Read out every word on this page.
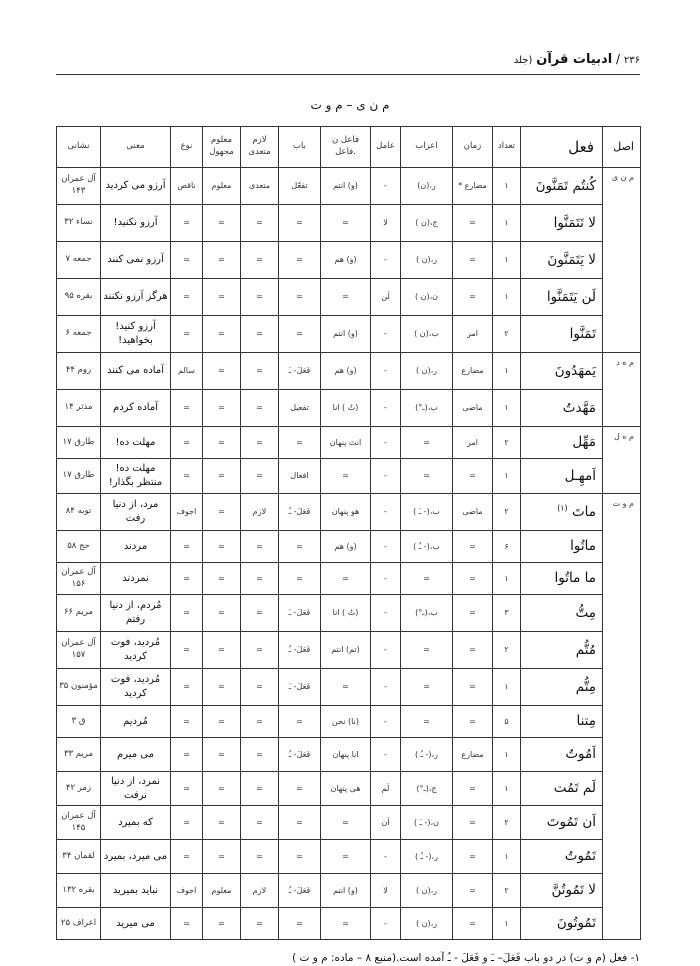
۲۳۶ / ادبیات قرآن (جلد
م ن ی – م و ت
اصل	فعل	تعداد	زمان	اعراب	عامل	فاعل ن .فاعل	باب	لازم متعدی	معلوم مجهول	نوع	معنی	نشانی
م ن ی	کُنتُم تَمَنَّونَ	۱	مضارع *	ر،(ن)	-	(و) انتم	تفعّل	متعدی	معلوم	ناقص	آرزو می کردید	آل عمران ۱۴۳
	لا تَتَمَنَّوا	۱	=	ج،(ن )	لا	=	=	=	=	=	آرزو نکنید!	نساء ۳۲
	لا یَتَمَنَّونَ	۱	=	ر،(ن )	-	(و) هم	=	=	=	=	آرزو نمی کنند	جمعه ۷
	لَن یَتَمَنَّوا	۱	=	ن،(ن )	لَن	=	=	=	=	=	هرگز آرزو نکنند	بقره ۹۵
	تَمَنَّوا	۲	امر	ب،(ن )	-	(و) انتم	=	=	=	=	آرزو کنید! بخواهید!	جمعه ۶
م ه د	یَمهَدُونَ	۱	مضارع	ر،(ن )	-	(و) هم	فَعَلَ- ـَ	=	=	سالم	آماده می کنند	روم ۴۴
	مَهَّدتُ	۱	ماضی	ب،(ـ°)	-	(تُ ) انا	تفعیل	=	=	=	آماده کردم	مدثر ۱۴
م ه ل	مَهِّل	۲	امر	=	-	انتَ پنهان	=	=	=	=	مهلت ده!	طارق ۱۷
	اَمهِـل	۱	=	=	-	=	افعال	=	=	=	مهلت ده! منتظر بگذار!	طارق ۱۷
م و ت	ماتَ $^{(۱)}$	۲	ماضی	ب،(- ـَ )	-	هو پنهان	فَعَلَ- ـُ	لازم	=	اجوف	مرد، از دنیا رفت	توبه ۸۴
	ماتُوا	۶	=	ب،(- ـُ )	-	(و) هم	=	=	=	=	مردند	حج ۵۸
	ما ماتُوا	۱	=	=	-	=	=	=	=	=	نمردند	آل عمران ۱۵۶
	مِتُّ	۳	=	ب،(ـ°)	-	(تُ ) انا	فَعَلَ- ـَ	=	=	=	مُردم، از دنیا رفتم	مریم ۶۶
	مُتُّم	۲	=	=	-	(تم) انتم	فَعَلَ- ـُ	=	=	=	مُردید، فوت کردید	آل عمران ۱۵۷
	مِتُّم	۱	=	=	-	=	فَعَلَ- ـَ	=	=	=	مُردید، فوت کردید	مؤمنون ۳۵
	مِتنا	۵	=	=	-	(نا) نحن	=	=	=	=	مُردیم	ق ۳
	اَمُوتُ	۱	مضارع	ر،(- ـُ )	-	انا پنهان	فَعَلَ- ـُ	=	=	=	می میرم	مریم ۳۳
	لَم تَمُت	۱	=	ج،(ـ°)	لَم	هی پنهان	=	=	=	=	نمرد، از دنیا نرفت	زمر ۴۲
	اَن تَمُوتَ	۲	=	ن،(- ـَ )	اَن	=	=	=	=	=	که بمیرد	آل عمران ۱۴۵
	تَمُوتُ	۱	=	ر،(- ـُ )	-	=	=	=	=	=	می میرد، بمیرد	لقمان ۳۴
	لا تَمُوتُنَّ	۲	=	ر،(ن )	لا	(و) انتم	فَعَلَ- ـُ	لازم	معلوم	اجوف	نباید بمیرید	بقره ۱۳۲
	تَمُوتُونَ	۱	=	ر،(ن )	-	=	=	=	=	=	می میرید	اعراف ۲۵
۱- فعل (م و ت) در دو باب فَعَلَ– ـَ و فَعَلَ - ـُ آمده است.(منبع ۸ – ماده: م و ت )
